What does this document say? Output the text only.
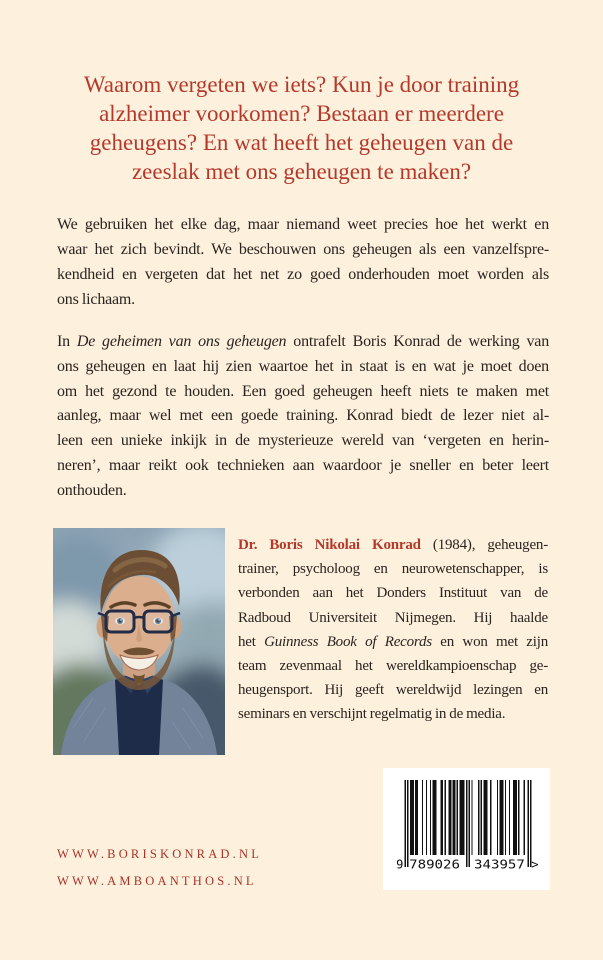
Waarom vergeten we iets? Kun je door training
alzheimer voorkomen? Bestaan er meerdere
geheugens? En wat heeft het geheugen van de
zeeslak met ons geheugen te maken?
We gebruiken het elke dag, maar niemand weet precies hoe het werkt en
waar het zich bevindt. We beschouwen ons geheugen als een vanzelfspre-
kendheid en vergeten dat het net zo goed onderhouden moet worden als
ons lichaam.
In De geheimen van ons geheugen ontrafelt Boris Konrad de werking van
ons geheugen en laat hij zien waartoe het in staat is en wat je moet doen
om het gezond te houden. Een goed geheugen heeft niets te maken met
aanleg, maar wel met een goede training. Konrad biedt de lezer niet al-
leen een unieke inkijk in de mysterieuze wereld van ‘vergeten en herin-
neren’, maar reikt ook technieken aan waardoor je sneller en beter leert
onthouden.
Dr. Boris Nikolai Konrad (1984), geheugen-
trainer, psycholoog en neurowetenschapper, is
verbonden aan het Donders Instituut van de
Radboud Universiteit Nijmegen. Hij haalde
het Guinness Book of Records en won met zijn
team zevenmaal het wereldkampioenschap ge-
heugensport. Hij geeft wereldwijd lezingen en
seminars en verschijnt regelmatig in de media.
WWW.BORISKONRAD.NL
WWW.AMBOANTHOS.NL
9 789026 343957 >
